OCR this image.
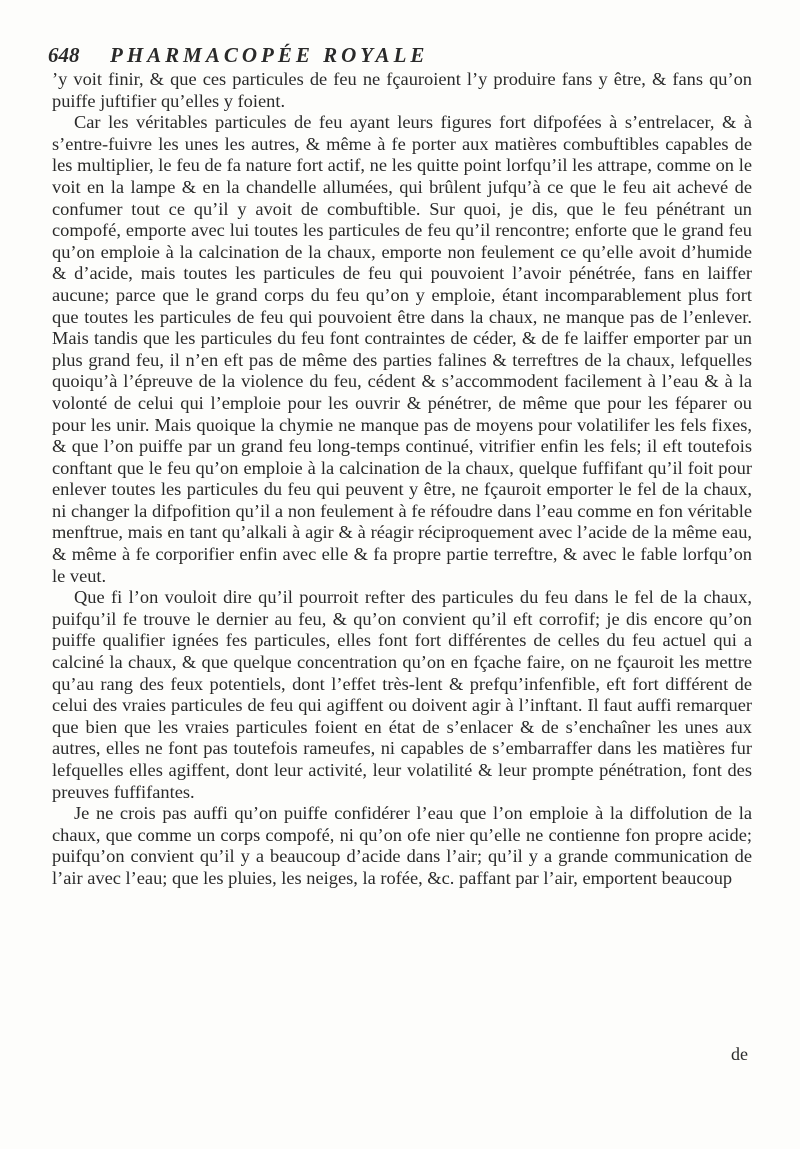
648 PHARMACOPÉE ROYALE

’y voit finir, & que ces particules de feu ne fçauroient l’y produire fans y être, & fans qu’on puiffe juftifier qu’elles y foient.

Car les véritables particules de feu ayant leurs figures fort difpofées à s’entrelacer, & à s’entre-fuivre les unes les autres, & même à fe porter aux matières combuftibles capables de les multiplier, le feu de fa nature fort actif, ne les quitte point lorfqu’il les attrape, comme on le voit en la lampe & en la chandelle allumées, qui brûlent jufqu’à ce que le feu ait achevé de confumer tout ce qu’il y avoit de combuftible. Sur quoi, je dis, que le feu pénétrant un compofé, emporte avec lui toutes les particules de feu qu’il rencontre; enforte que le grand feu qu’on emploie à la calcination de la chaux, emporte non feulement ce qu’elle avoit d’humide & d’acide, mais toutes les particules de feu qui pouvoient l’avoir pénétrée, fans en laiffer aucune; parce que le grand corps du feu qu’on y emploie, étant incomparablement plus fort que toutes les particules de feu qui pouvoient être dans la chaux, ne manque pas de l’enlever. Mais tandis que les particules du feu font contraintes de céder, & de fe laiffer emporter par un plus grand feu, il n’en eft pas de même des parties falines & terreftres de la chaux, lefquelles quoiqu’à l’épreuve de la violence du feu, cédent & s’accommodent facilement à l’eau & à la volonté de celui qui l’emploie pour les ouvrir & pénétrer, de même que pour les féparer ou pour les unir. Mais quoique la chymie ne manque pas de moyens pour volatilifer les fels fixes, & que l’on puiffe par un grand feu long-temps continué, vitrifier enfin les fels; il eft toutefois conftant que le feu qu’on emploie à la calcination de la chaux, quelque fuffifant qu’il foit pour enlever toutes les particules du feu qui peuvent y être, ne fçauroit emporter le fel de la chaux, ni changer la difpofition qu’il a non feulement à fe réfoudre dans l’eau comme en fon véritable menftrue, mais en tant qu’alkali à agir & à réagir réciproquement avec l’acide de la même eau, & même à fe corporifier enfin avec elle & fa propre partie terreftre, & avec le fable lorfqu’on le veut.

Que fi l’on vouloit dire qu’il pourroit refter des particules du feu dans le fel de la chaux, puifqu’il fe trouve le dernier au feu, & qu’on convient qu’il eft corrofif; je dis encore qu’on puiffe qualifier ignées fes particules, elles font fort différentes de celles du feu actuel qui a calciné la chaux, & que quelque concentration qu’on en fçache faire, on ne fçauroit les mettre qu’au rang des feux potentiels, dont l’effet très-lent & prefqu’infenfible, eft fort différent de celui des vraies particules de feu qui agiffent ou doivent agir à l’inftant. Il faut auffi remarquer que bien que les vraies particules foient en état de s’enlacer & de s’enchaîner les unes aux autres, elles ne font pas toutefois rameufes, ni capables de s’embarraffer dans les matières fur lefquelles elles agiffent, dont leur activité, leur volatilité & leur prompte pénétration, font des preuves fuffifantes.

Je ne crois pas auffi qu’on puiffe confidérer l’eau que l’on emploie à la diffolution de la chaux, que comme un corps compofé, ni qu’on ofe nier qu’elle ne contienne fon propre acide; puifqu’on convient qu’il y a beaucoup d’acide dans l’air; qu’il y a grande communication de l’air avec l’eau; que les pluies, les neiges, la rofée, &c. paffant par l’air, emportent beaucoup

de
